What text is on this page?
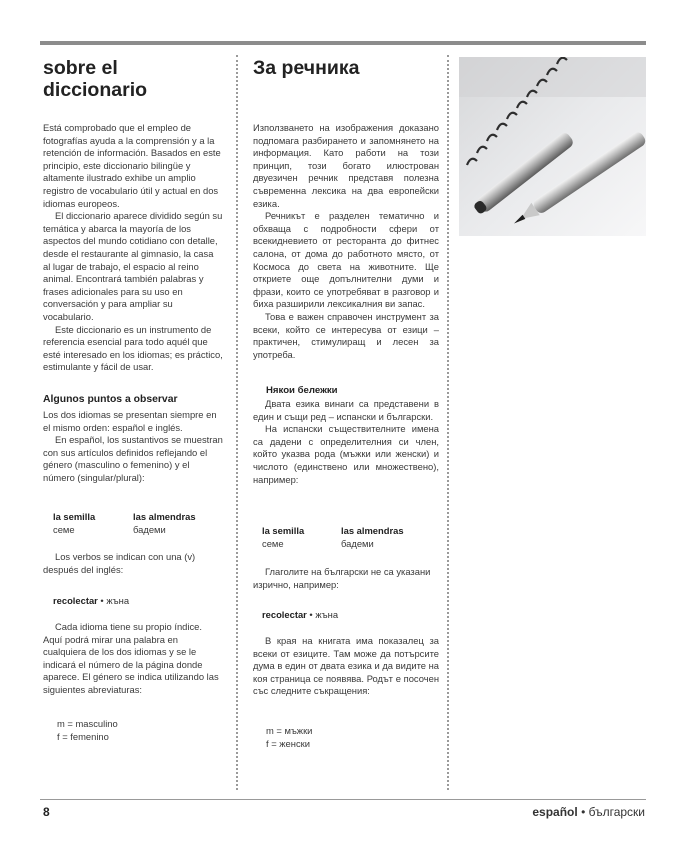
sobre el
diccionario

Está comprobado que el empleo de fotografías ayuda a la comprensión y a la retención de información. Basados en este principio, este diccionario bilingüe y altamente ilustrado exhibe un amplio registro de vocabulario útil y actual en dos idiomas europeos.

El diccionario aparece dividido según su temática y abarca la mayoría de los aspectos del mundo cotidiano con detalle, desde el restaurante al gimnasio, la casa al lugar de trabajo, el espacio al reino animal. Encontrará también palabras y frases adicionales para su uso en conversación y para ampliar su vocabulario.

Este diccionario es un instrumento de referencia esencial para todo aquél que esté interesado en los idiomas; es práctico, estimulante y fácil de usar.

Algunos puntos a observar

Los dos idiomas se presentan siempre en el mismo orden: español e inglés.

En español, los sustantivos se muestran con sus artículos definidos reflejando el género (masculino o femenino) y el número (singular/plural):

la semilla
семе
las almendras
бадеми

Los verbos se indican con una (v) después del inglés:

recolectar • жъна

Cada idioma tiene su propio índice. Aquí podrá mirar una palabra en cualquiera de los dos idiomas y se le indicará el número de la página donde aparece. El género se indica utilizando las siguientes abreviaturas:

m = masculino

f = femenino

За речника

Използването на изображения доказано подпомага разбирането и запомнянето на информация. Като работи на този принцип, този богато илюстрован двуезичен речник представя полезна съвременна лексика на два европейски езика.

Речникът е разделен тематично и обхваща с подробности сфери от всекидневието от ресторанта до фитнес салона, от дома до работното място, от Космоса до света на животните. Ще откриете още допълнителни думи и фрази, които се употребяват в разговор и биха разширили лексикалния ви запас.

Това е важен справочен инструмент за всеки, който се интересува от езици – практичен, стимулиращ и лесен за употреба.

Някои бележки

Двата езика винаги са представени в един и същи ред – испански и български.

На испански съществителните имена са дадени с определителния си член, който указва рода (мъжки или женски) и числото (единствено или множествено), например:

la semilla
семе
las almendras
бадеми

Глаголите на български не са указани изрично, например:

recolectar • жъна

В края на книгата има показалец за всеки от езиците. Там може да потърсите дума в един от двата езика и да видите на коя страница се появява. Родът е посочен със следните съкращения:

m = мъжки

f = женски

8	español • български
